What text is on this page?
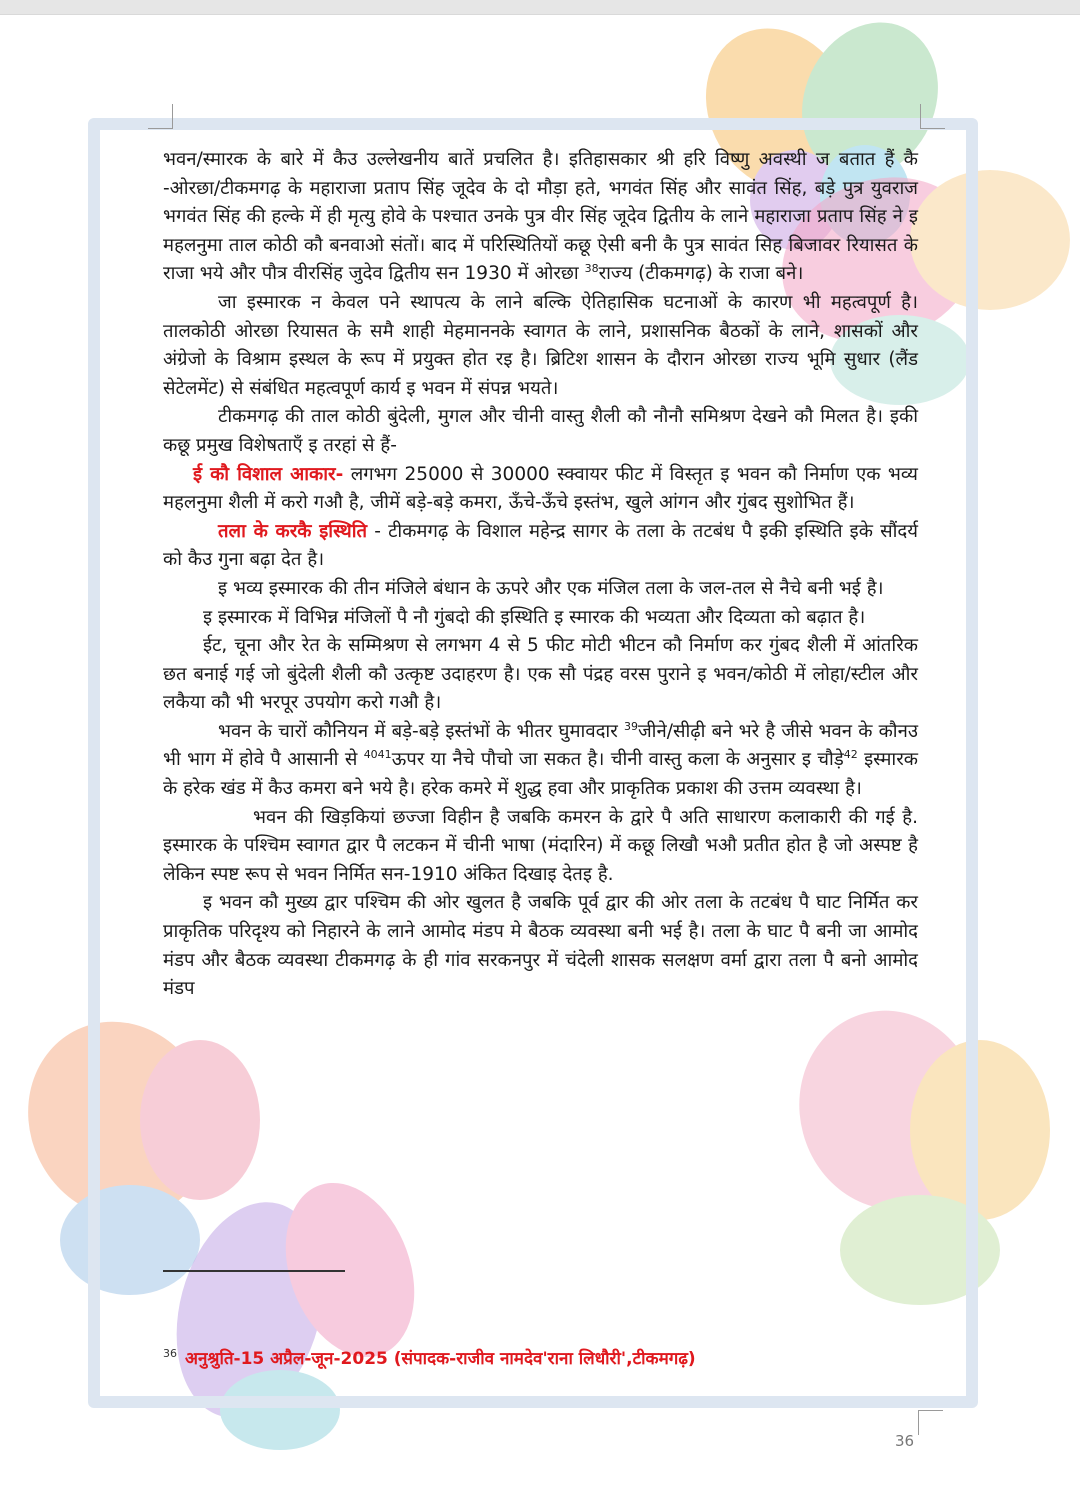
भवन/स्मारक के बारे में कैउ उल्लेखनीय बातें प्रचलित है। इतिहासकार श्री हरि विष्णु अवस्थी ज बतात हैं कै -ओरछा/टीकमगढ़ के महाराजा प्रताप सिंह जूदेव के दो मौड़ा हते, भगवंत सिंह और सावंत सिंह, बड़े पुत्र युवराज भगवंत सिंह की हल्के में ही मृत्यु होवे के पश्चात उनके पुत्र वीर सिंह जूदेव द्वितीय के लाने महाराजा प्रताप सिंह ने इ महलनुमा ताल कोठी कौ बनवाओ संतों। बाद में परिस्थितियों कछू ऐसी बनी कै पुत्र सावंत सिह बिजावर रियासत के राजा भये और पौत्र वीरसिंह जुदेव द्वितीय सन 1930 में ओरछा $^{38}$राज्य (टीकमगढ़) के राजा बने।

जा इस्मारक न केवल पने स्थापत्य के लाने बल्कि ऐतिहासिक घटनाओं के कारण भी महत्वपूर्ण है। तालकोठी ओरछा रियासत के समै शाही मेहमाननके स्वागत के लाने, प्रशासनिक बैठकों के लाने, शासकों और अंग्रेजो के विश्राम इस्थल के रूप में प्रयुक्त होत रइ है। ब्रिटिश शासन के दौरान ओरछा राज्य भूमि सुधार (लैंड सेटेलमेंट) से संबंधित महत्वपूर्ण कार्य इ भवन में संपन्न भयते।

टीकमगढ़ की ताल कोठी बुंदेली, मुगल और चीनी वास्तु शैली कौ नौनौ समिश्रण देखने कौ मिलत है। इकी कछू प्रमुख विशेषताएँ इ तरहां से हैं-

ई कौ विशाल आकार- लगभग 25000 से 30000 स्क्वायर फीट में विस्तृत इ भवन कौ निर्माण एक भव्य महलनुमा शैली में करो गऔ है, जीमें बड़े-बड़े कमरा, ऊँचे-ऊँचे इस्तंभ, खुले आंगन और गुंबद सुशोभित हैं।

तला के करकै इस्थिति - टीकमगढ़ के विशाल महेन्द्र सागर के तला के तटबंध पै इकी इस्थिति इके सौंदर्य को कैउ गुना बढ़ा देत है।

इ भव्य इस्मारक की तीन मंजिले बंधान के ऊपरे और एक मंजिल तला के जल-तल से नैचे बनी भई है।

इ इस्मारक में विभिन्न मंजिलों पै नौ गुंबदो की इस्थिति इ स्मारक की भव्यता और दिव्यता को बढ़ात है।

ईट, चूना और रेत के सम्मिश्रण से लगभग 4 से 5 फीट मोटी भीटन कौ निर्माण कर गुंबद शैली में आंतरिक छत बनाई गई जो बुंदेली शैली कौ उत्कृष्ट उदाहरण है। एक सौ पंद्रह वरस पुराने इ भवन/कोठी में लोहा/स्टील और लकैया कौ भी भरपूर उपयोग करो गऔ है।

भवन के चारों कौनियन में बड़े-बड़े इस्तंभों के भीतर घुमावदार $^{39}$जीने/सीढ़ी बने भरे है जीसे भवन के कौनउ भी भाग में होवे पै आसानी से $^{4041}$ऊपर या नैचे पौचो जा सकत है। चीनी वास्तु कला के अनुसार इ चौड़े$^{42}$ इस्मारक के हरेक खंड में कैउ कमरा बने भये है। हरेक कमरे में शुद्ध हवा और प्राकृतिक प्रकाश की उत्तम व्यवस्था है।

भवन की खिड़कियां छज्जा विहीन है जबकि कमरन के द्वारे पै अति साधारण कलाकारी की गई है. इस्मारक के पश्चिम स्वागत द्वार पै लटकन में चीनी भाषा (मंदारिन) में कछू लिखौ भऔ प्रतीत होत है जो अस्पष्ट है लेकिन स्पष्ट रूप से भवन निर्मित सन-1910 अंकित दिखाइ देतइ है.

इ भवन कौ मुख्य द्वार पश्चिम की ओर खुलत है जबकि पूर्व द्वार की ओर तला के तटबंध पै घाट निर्मित कर प्राकृतिक परिदृश्य को निहारने के लाने आमोद मंडप मे बैठक व्यवस्था बनी भई है। तला के घाट पै बनी जा आमोद मंडप और बैठक व्यवस्था टीकमगढ़ के ही गांव सरकनपुर में चंदेली शासक सलक्षण वर्मा द्वारा तला पै बनो आमोद मंडप

$^{36}$ अनुश्रुति-15 अप्रैल-जून-2025 (संपादक-राजीव नामदेव'राना लिधौरी',टीकमगढ़)
36
